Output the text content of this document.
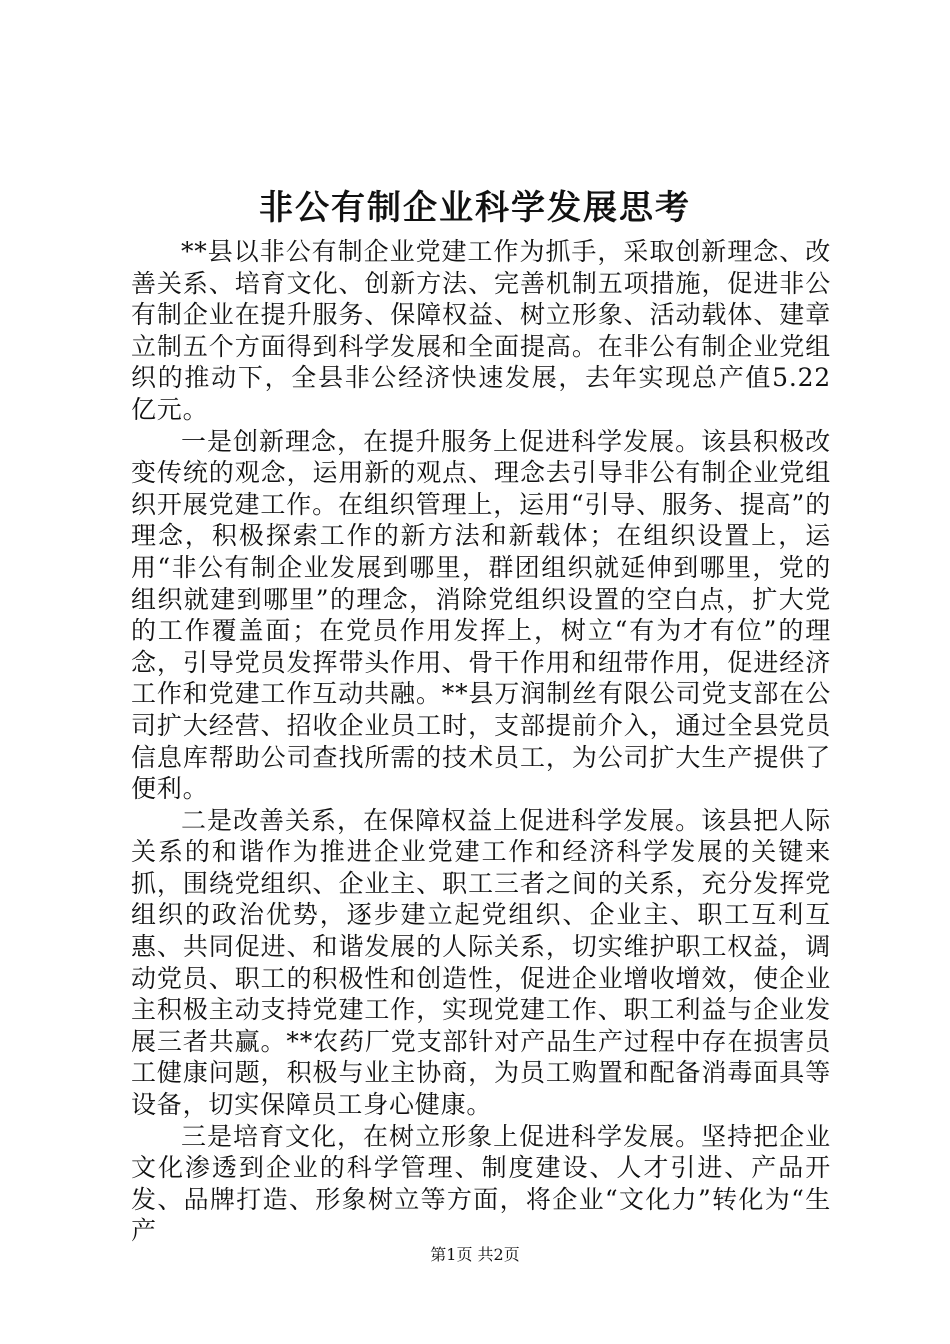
非公有制企业科学发展思考

**县以非公有制企业党建工作为抓手，采取创新理念、改善关系、培育文化、创新方法、完善机制五项措施，促进非公有制企业在提升服务、保障权益、树立形象、活动载体、建章立制五个方面得到科学发展和全面提高。在非公有制企业党组织的推动下，全县非公经济快速发展，去年实现总产值5.22亿元。

一是创新理念，在提升服务上促进科学发展。该县积极改变传统的观念，运用新的观点、理念去引导非公有制企业党组织开展党建工作。在组织管理上，运用“引导、服务、提高”的理念，积极探索工作的新方法和新载体；在组织设置上，运用“非公有制企业发展到哪里，群团组织就延伸到哪里，党的组织就建到哪里”的理念，消除党组织设置的空白点，扩大党的工作覆盖面；在党员作用发挥上，树立“有为才有位”的理念，引导党员发挥带头作用、骨干作用和纽带作用，促进经济工作和党建工作互动共融。**县万润制丝有限公司党支部在公司扩大经营、招收企业员工时，支部提前介入，通过全县党员信息库帮助公司查找所需的技术员工，为公司扩大生产提供了便利。

二是改善关系，在保障权益上促进科学发展。该县把人际关系的和谐作为推进企业党建工作和经济科学发展的关键来抓，围绕党组织、企业主、职工三者之间的关系，充分发挥党组织的政治优势，逐步建立起党组织、企业主、职工互利互惠、共同促进、和谐发展的人际关系，切实维护职工权益，调动党员、职工的积极性和创造性，促进企业增收增效，使企业主积极主动支持党建工作，实现党建工作、职工利益与企业发展三者共赢。**农药厂党支部针对产品生产过程中存在损害员工健康问题，积极与业主协商，为员工购置和配备消毒面具等设备，切实保障员工身心健康。

三是培育文化，在树立形象上促进科学发展。坚持把企业文化渗透到企业的科学管理、制度建设、人才引进、产品开发、品牌打造、形象树立等方面，将企业“文化力”转化为“生产

第1页 共2页
